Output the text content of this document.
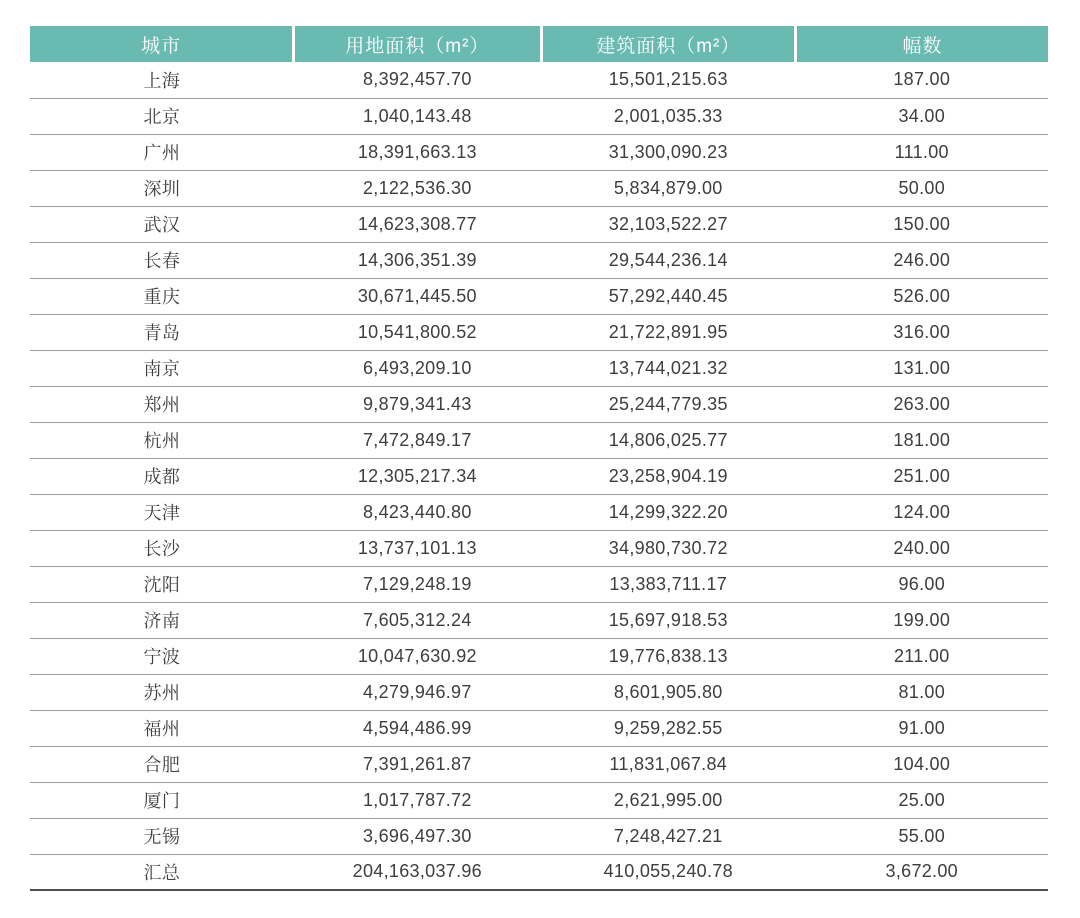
城市	用地面积（m²）	建筑面积（m²）	幅数
上海	8,392,457.70	15,501,215.63	187.00
北京	1,040,143.48	2,001,035.33	34.00
广州	18,391,663.13	31,300,090.23	111.00
深圳	2,122,536.30	5,834,879.00	50.00
武汉	14,623,308.77	32,103,522.27	150.00
长春	14,306,351.39	29,544,236.14	246.00
重庆	30,671,445.50	57,292,440.45	526.00
青岛	10,541,800.52	21,722,891.95	316.00
南京	6,493,209.10	13,744,021.32	131.00
郑州	9,879,341.43	25,244,779.35	263.00
杭州	7,472,849.17	14,806,025.77	181.00
成都	12,305,217.34	23,258,904.19	251.00
天津	8,423,440.80	14,299,322.20	124.00
长沙	13,737,101.13	34,980,730.72	240.00
沈阳	7,129,248.19	13,383,711.17	96.00
济南	7,605,312.24	15,697,918.53	199.00
宁波	10,047,630.92	19,776,838.13	211.00
苏州	4,279,946.97	8,601,905.80	81.00
福州	4,594,486.99	9,259,282.55	91.00
合肥	7,391,261.87	11,831,067.84	104.00
厦门	1,017,787.72	2,621,995.00	25.00
无锡	3,696,497.30	7,248,427.21	55.00
汇总	204,163,037.96	410,055,240.78	3,672.00
